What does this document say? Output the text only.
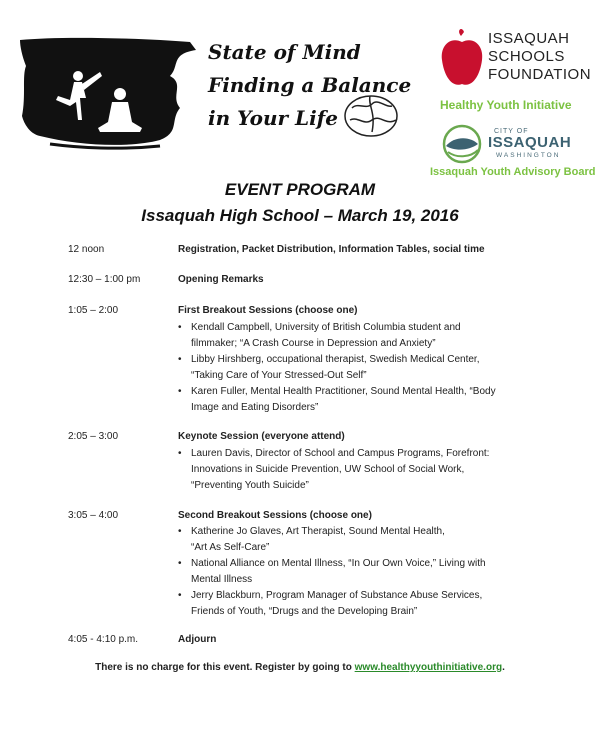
State of Mind
Finding a Balance
in Your Life
ISSAQUAH
SCHOOLS
FOUNDATION
Healthy Youth Initiative
CITY OF
ISSAQUAH
WASHINGTON
Issaquah Youth Advisory Board
EVENT PROGRAM
Issaquah High School – March 19, 2016
12 noon	Registration, Packet Distribution, Information Tables, social time
12:30 – 1:00 pm	Opening Remarks
1:05 – 2:00	First Breakout Sessions (choose one)
• Kendall Campbell, University of British Columbia student and
filmmaker; “A Crash Course in Depression and Anxiety”
• Libby Hirshberg, occupational therapist, Swedish Medical Center,
“Taking Care of Your Stressed-Out Self”
• Karen Fuller, Mental Health Practitioner, Sound Mental Health, “Body
Image and Eating Disorders”
2:05 – 3:00	Keynote Session (everyone attend)
• Lauren Davis, Director of School and Campus Programs, Forefront:
Innovations in Suicide Prevention, UW School of Social Work,
“Preventing Youth Suicide”
3:05 – 4:00	Second Breakout Sessions (choose one)
• Katherine Jo Glaves, Art Therapist, Sound Mental Health,
“Art As Self-Care”
• National Alliance on Mental Illness, “In Our Own Voice,” Living with
Mental Illness
• Jerry Blackburn, Program Manager of Substance Abuse Services,
Friends of Youth, “Drugs and the Developing Brain”
4:05 - 4:10 p.m.	Adjourn
There is no charge for this event. Register by going to www.healthyyouthinitiative.org.
